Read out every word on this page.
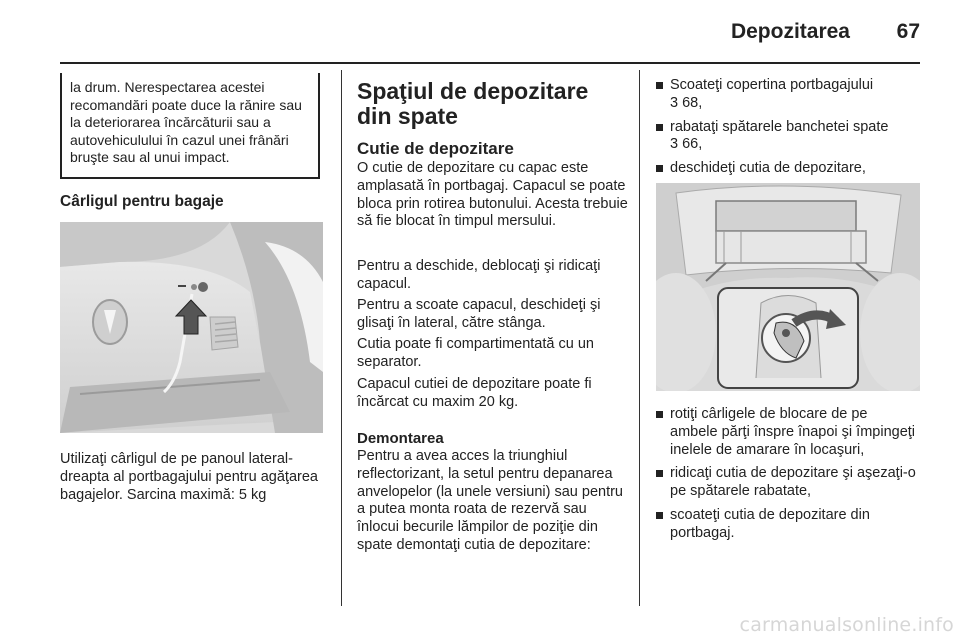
Depozitarea 67

la drum. Nerespectarea acestei recomandări poate duce la rănire sau la deteriorarea încărcăturii sau a autovehiculului în cazul unei frânări bruşte sau al unui impact.

Cârligul pentru bagaje

Utilizaţi cârligul de pe panoul lateral-dreapta al portbagajului pentru agăţarea bagajelor. Sarcina maximă: 5 kg

Spaţiul de depozitare din spate
Cutie de depozitare

O cutie de depozitare cu capac este amplasată în portbagaj. Capacul se poate bloca prin rotirea butonului. Acesta trebuie să fie blocat în timpul mersului.

Pentru a deschide, deblocaţi şi ridicaţi capacul.

Pentru a scoate capacul, deschideţi şi glisaţi în lateral, către stânga.

Cutia poate fi compartimentată cu un separator.

Capacul cutiei de depozitare poate fi încărcat cu maxim 20 kg.

Demontarea

Pentru a avea acces la triunghiul reflectorizant, la setul pentru depanarea anvelopelor (la unele versiuni) sau pentru a putea monta roata de rezervă sau înlocui becurile lămpilor de poziţie din spate demontaţi cutia de depozitare:

Scoateţi copertina portbagajului
3 68,
rabataţi spătarele banchetei spate
3 66,
deschideţi cutia de depozitare,
rotiţi cârligele de blocare de pe ambele părţi înspre înapoi şi împingeţi inelele de amarare în locaşuri,
ridicaţi cutia de depozitare şi aşezaţi-o pe spătarele rabatate,
scoateţi cutia de depozitare din portbagaj.
carmanualsonline.info
